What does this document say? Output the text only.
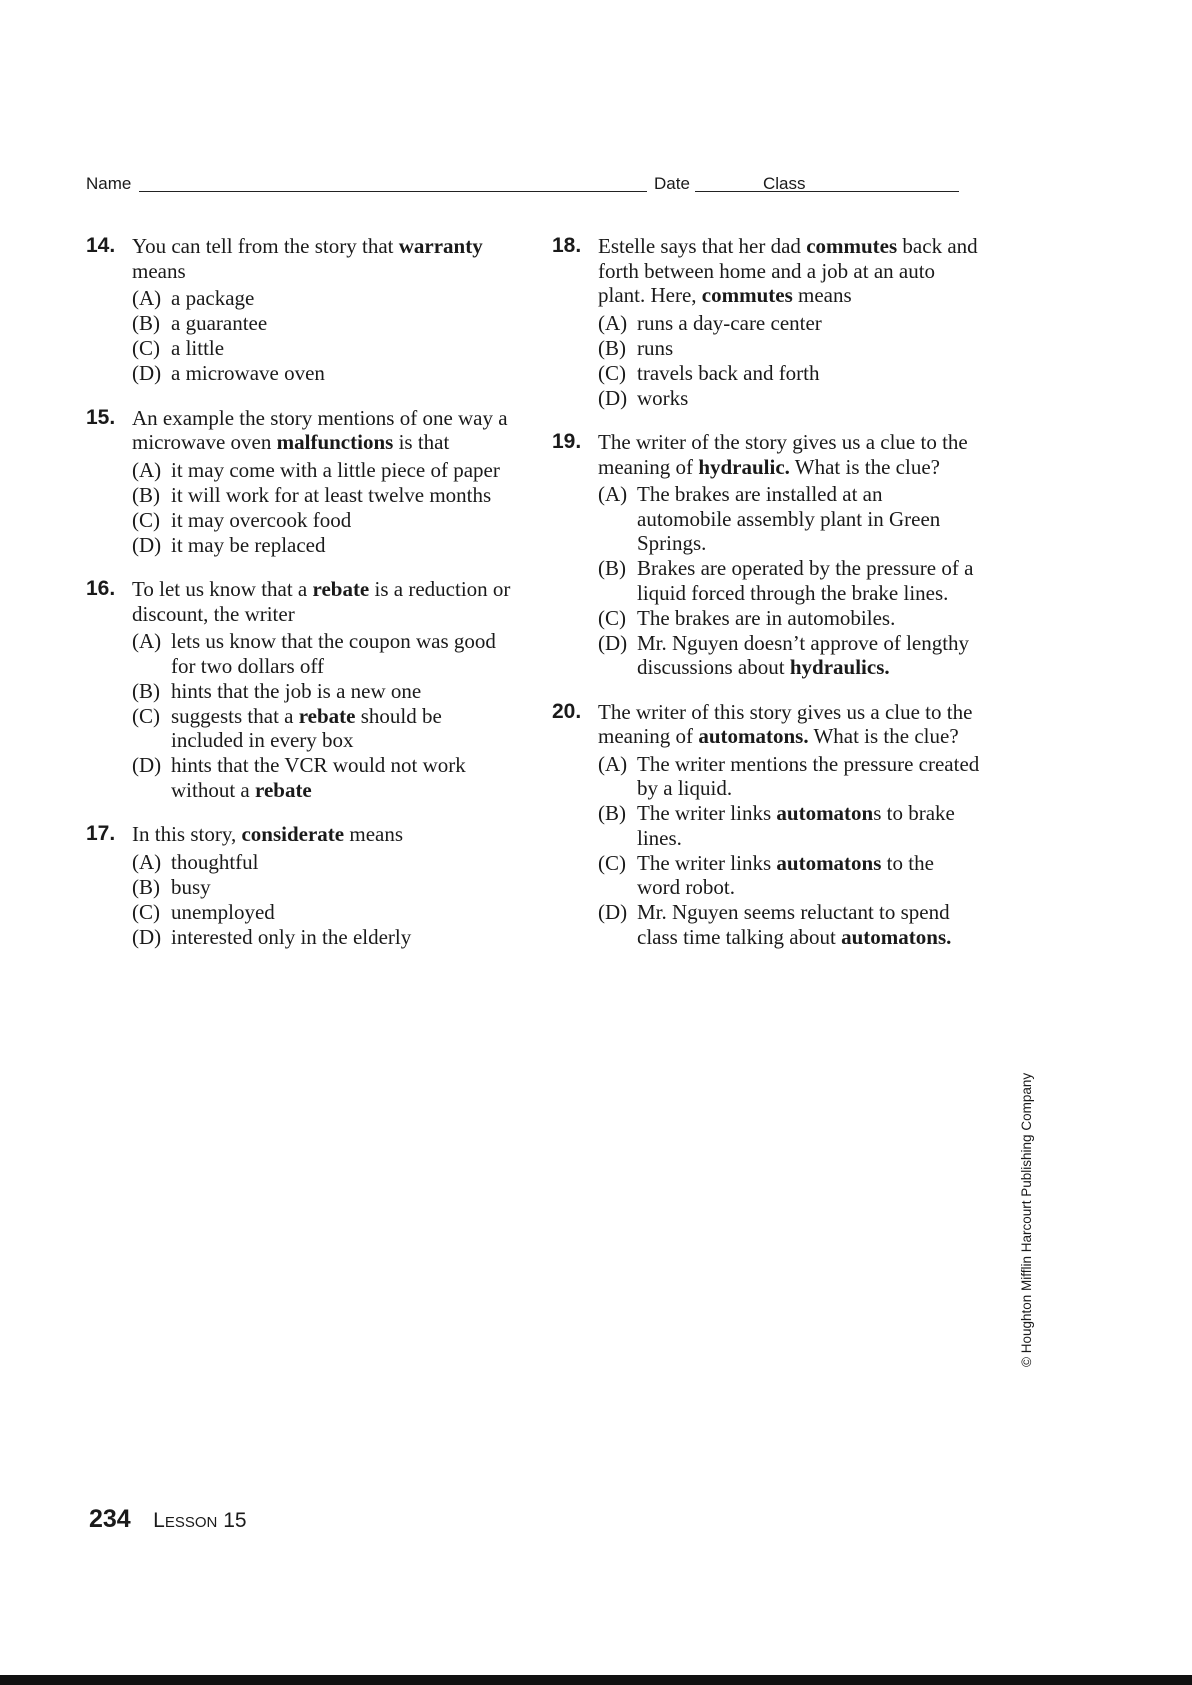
Name	Date	Class
14. You can tell from the story that warranty means
(A) a package
(B) a guarantee
(C) a little
(D) a microwave oven
15. An example the story mentions of one way a microwave oven malfunctions is that
(A) it may come with a little piece of paper
(B) it will work for at least twelve months
(C) it may overcook food
(D) it may be replaced
16. To let us know that a rebate is a reduction or discount, the writer
(A) lets us know that the coupon was good for two dollars off
(B) hints that the job is a new one
(C) suggests that a rebate should be included in every box
(D) hints that the VCR would not work without a rebate
17. In this story, considerate means
(A) thoughtful
(B) busy
(C) unemployed
(D) interested only in the elderly
18. Estelle says that her dad commutes back and forth between home and a job at an auto plant. Here, commutes means
(A) runs a day-care center
(B) runs
(C) travels back and forth
(D) works
19. The writer of the story gives us a clue to the meaning of hydraulic. What is the clue?
(A) The brakes are installed at an automobile assembly plant in Green Springs.
(B) Brakes are operated by the pressure of a liquid forced through the brake lines.
(C) The brakes are in automobiles.
(D) Mr. Nguyen doesn’t approve of lengthy discussions about hydraulics.
20. The writer of this story gives us a clue to the meaning of automatons. What is the clue?
(A) The writer mentions the pressure created by a liquid.
(B) The writer links automatons to brake lines.
(C) The writer links automatons to the word robot.
(D) Mr. Nguyen seems reluctant to spend class time talking about automatons.
© Houghton Mifflin Harcourt Publishing Company
234 Lesson 15
